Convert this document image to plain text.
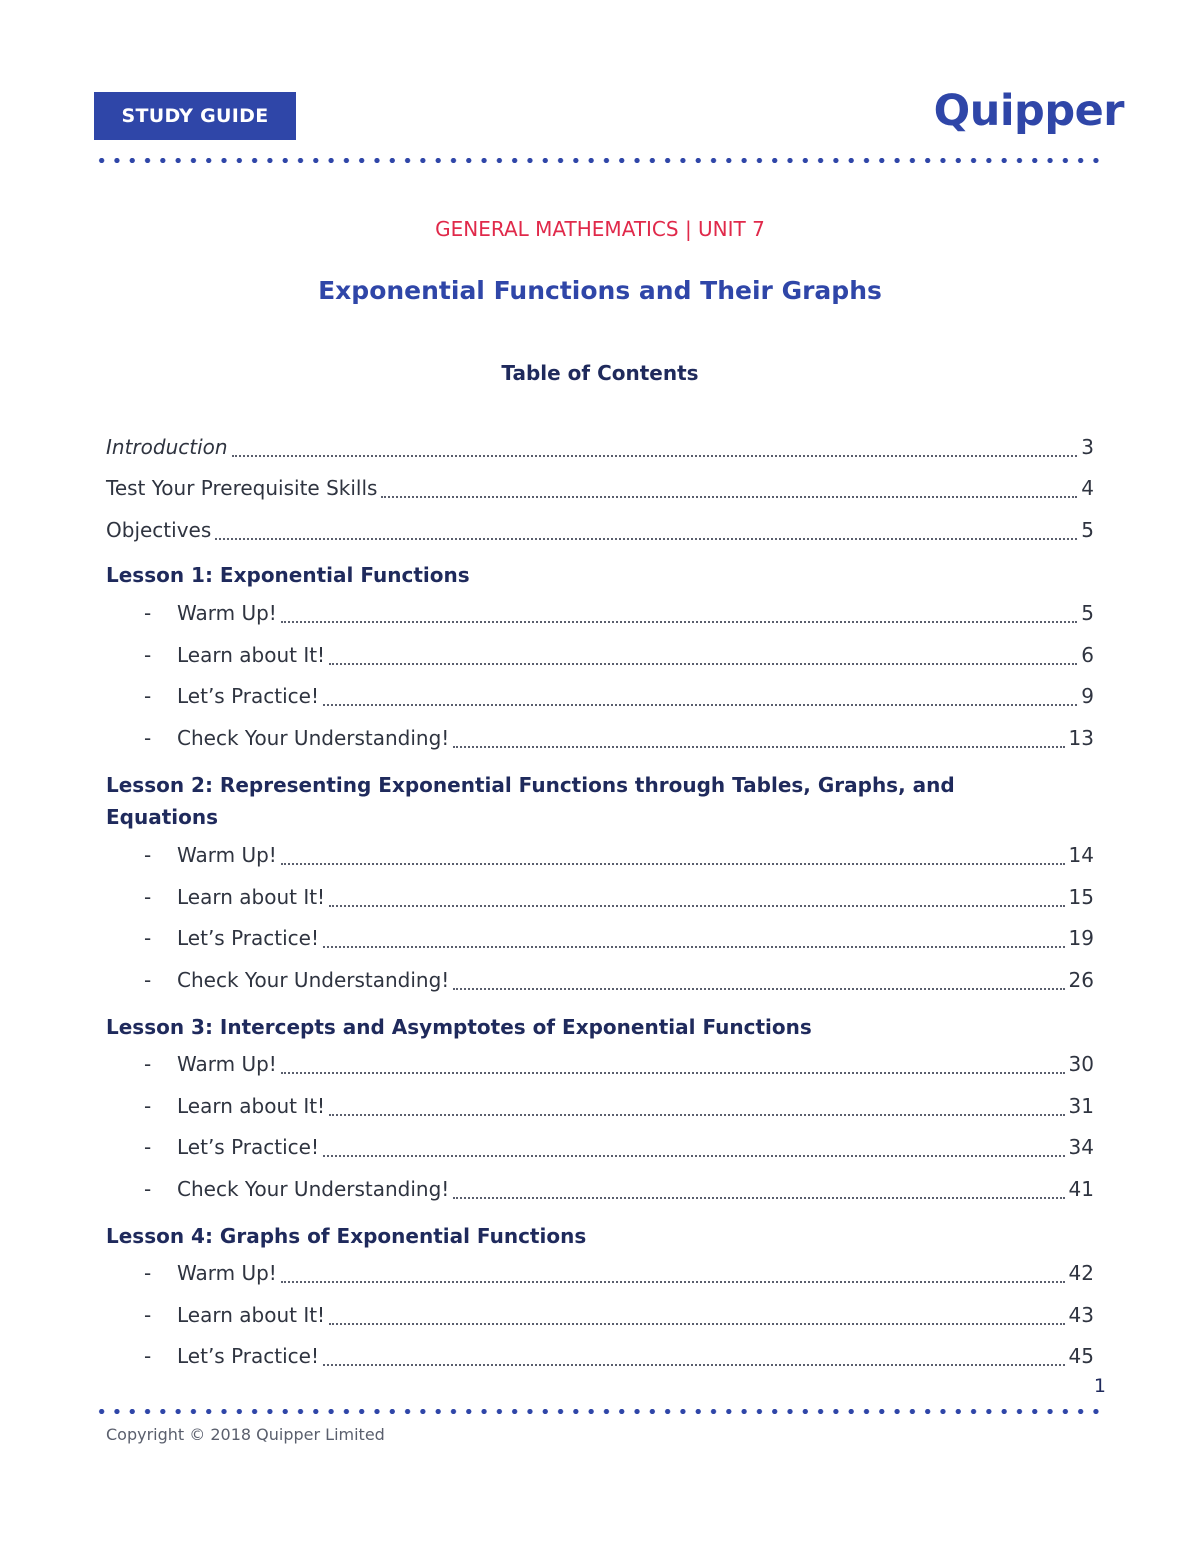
STUDY GUIDE	Quipper
GENERAL MATHEMATICS | UNIT 7
Exponential Functions and Their Graphs
Table of Contents
Introduction	3
Test Your Prerequisite Skills	4
Objectives	5
Lesson 1: Exponential Functions
-	Warm Up!	5
-	Learn about It!	6
-	Let’s Practice!	9
-	Check Your Understanding!	13
Lesson 2: Representing Exponential Functions through Tables, Graphs, and Equations
-	Warm Up!	14
-	Learn about It!	15
-	Let’s Practice!	19
-	Check Your Understanding!	26
Lesson 3: Intercepts and Asymptotes of Exponential Functions
-	Warm Up!	30
-	Learn about It!	31
-	Let’s Practice!	34
-	Check Your Understanding!	41
Lesson 4: Graphs of Exponential Functions
-	Warm Up!	42
-	Learn about It!	43
-	Let’s Practice!	45
1
Copyright © 2018 Quipper Limited
